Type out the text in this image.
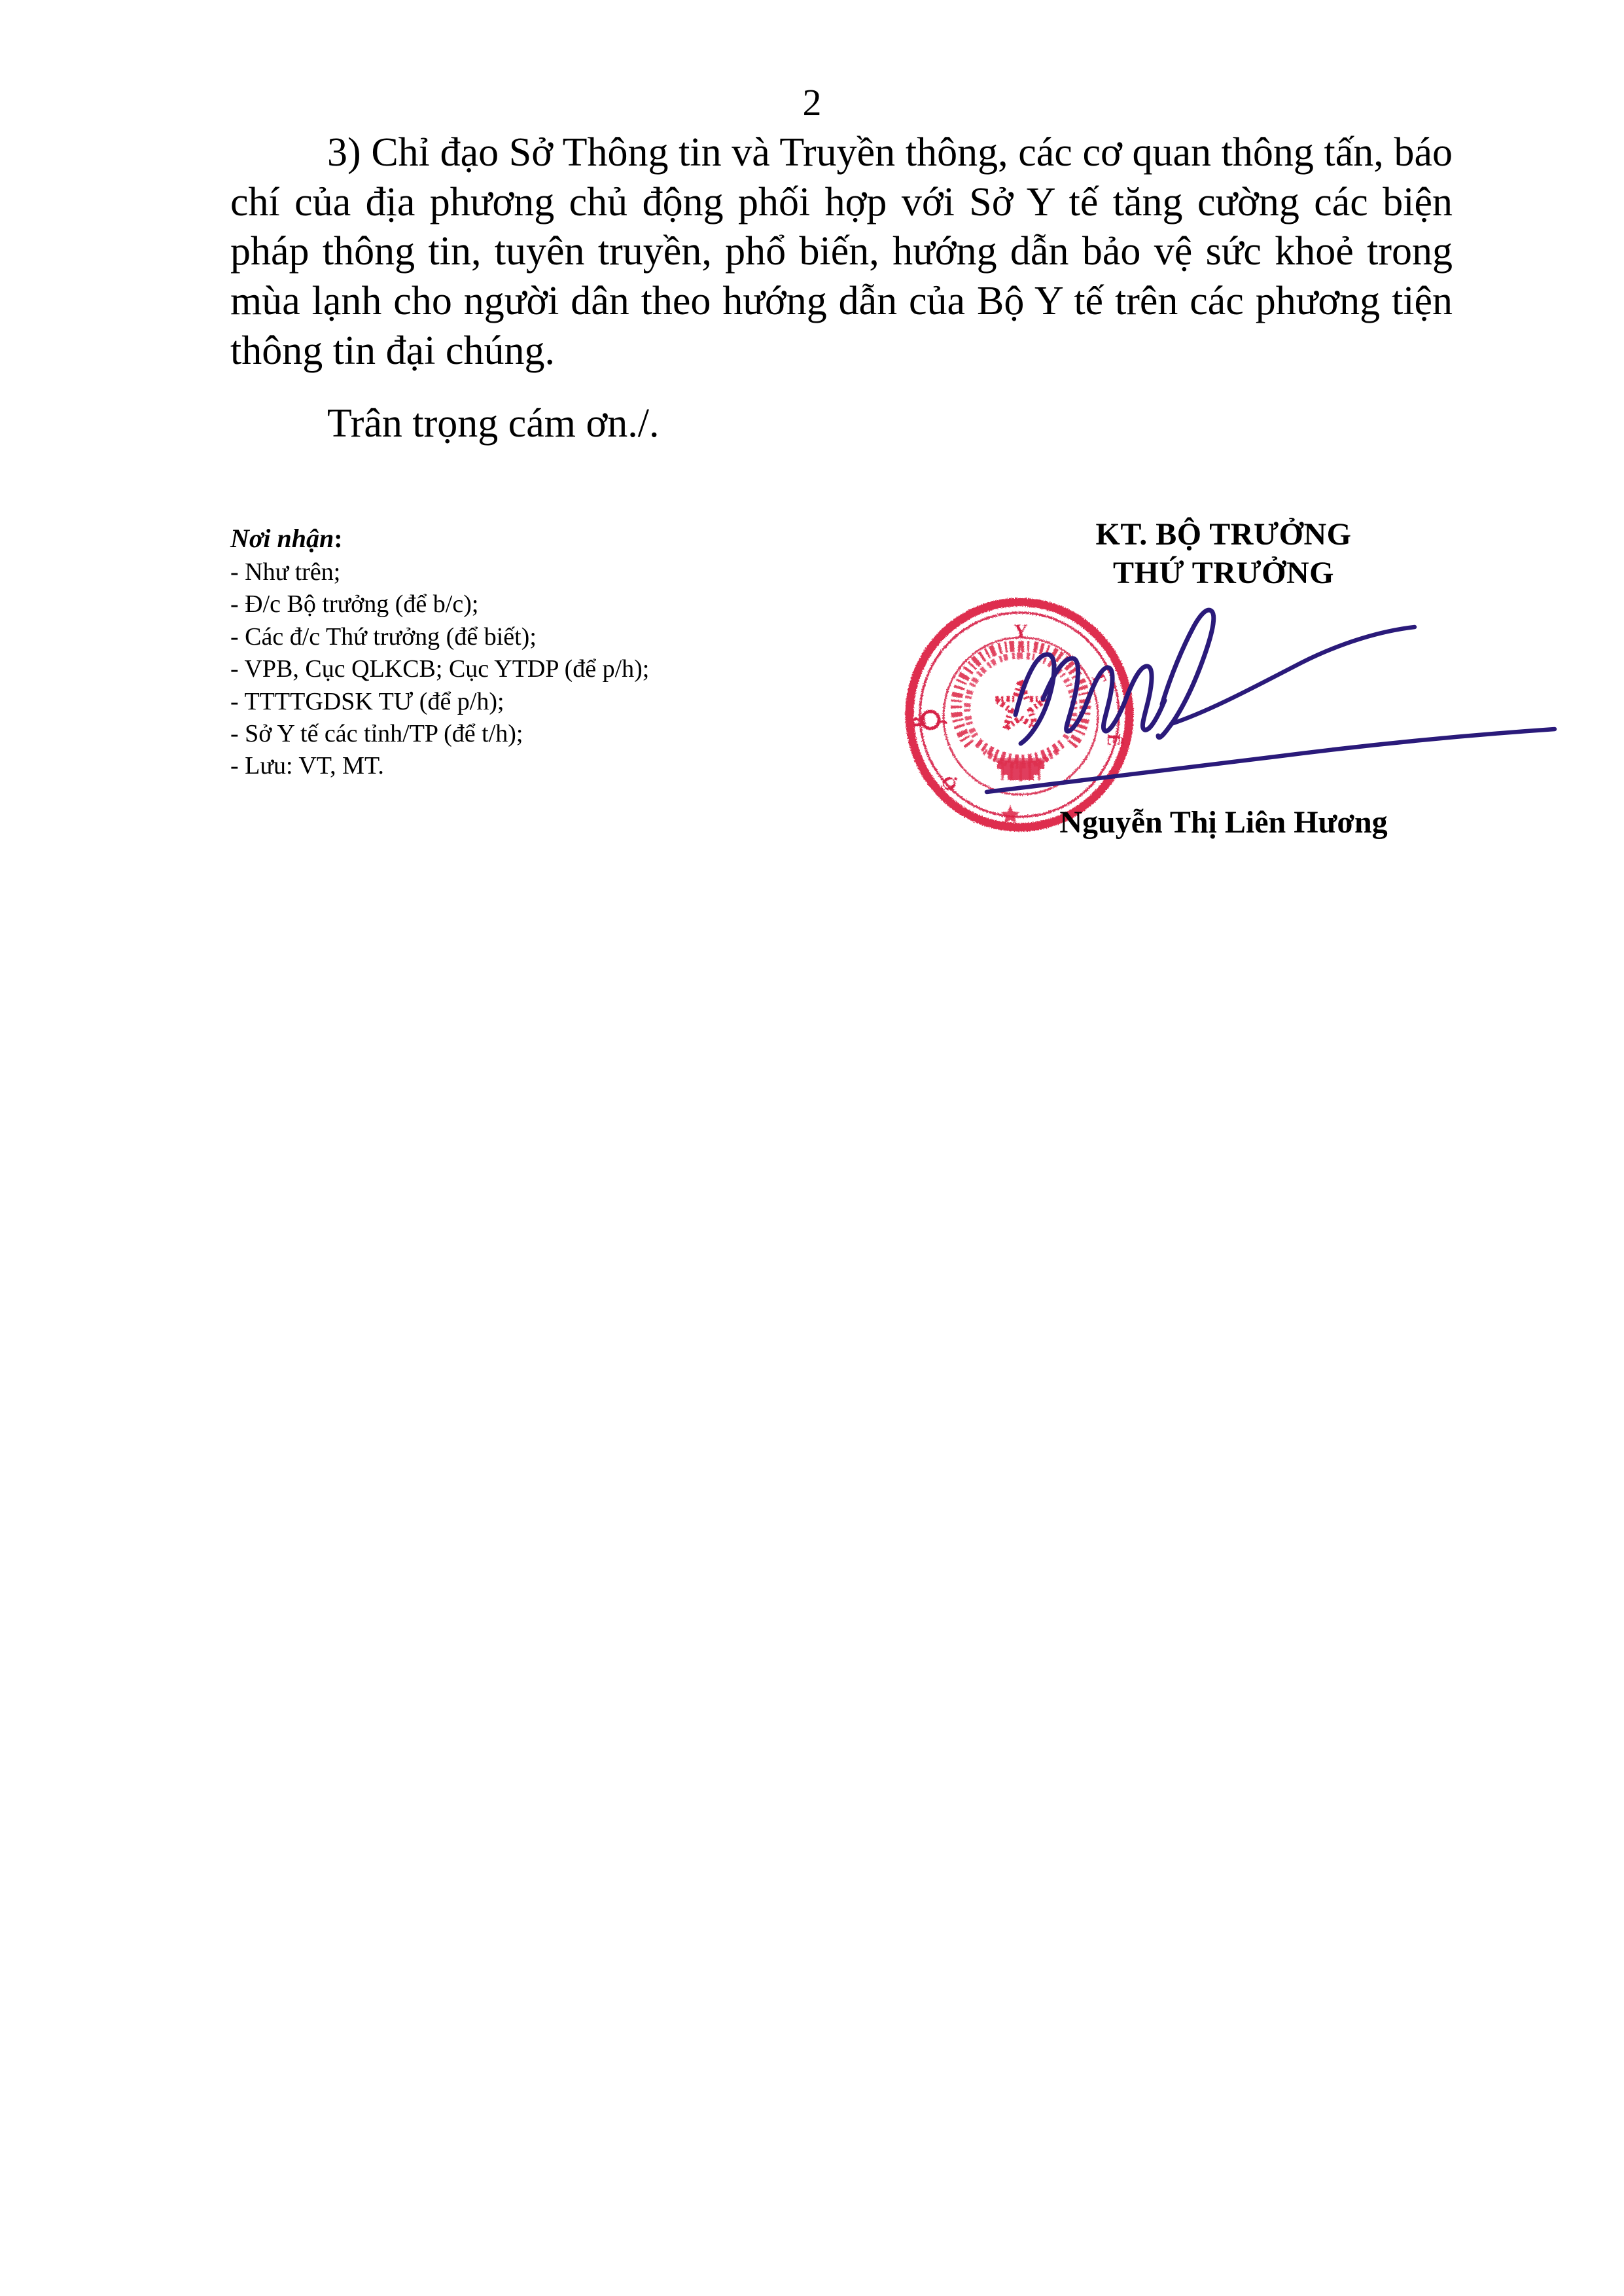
2

3) Chỉ đạo Sở Thông tin và Truyền thông, các cơ quan thông tấn, báo chí của địa phương chủ động phối hợp với Sở Y tế tăng cường các biện pháp thông tin, tuyên truyền, phổ biến, hướng dẫn bảo vệ sức khoẻ trong mùa lạnh cho người dân theo hướng dẫn của Bộ Y tế trên các phương tiện thông tin đại chúng.

Trân trọng cám ơn./.

Nơi nhận:

- Như trên;

- Đ/c Bộ trưởng (để b/c);

- Các đ/c Thứ trưởng (để biết);

- VPB, Cục QLKCB; Cục YTDP (để p/h);

- TTTTGDSK TƯ (để p/h);

- Sở Y tế các tỉnh/TP (để t/h);

- Lưu: VT, MT.

KT. BỘ TRƯỞNG

THỨ TRƯỞNG

Nguyễn Thị Liên Hương

Y
T
Ế
Ộ
B
